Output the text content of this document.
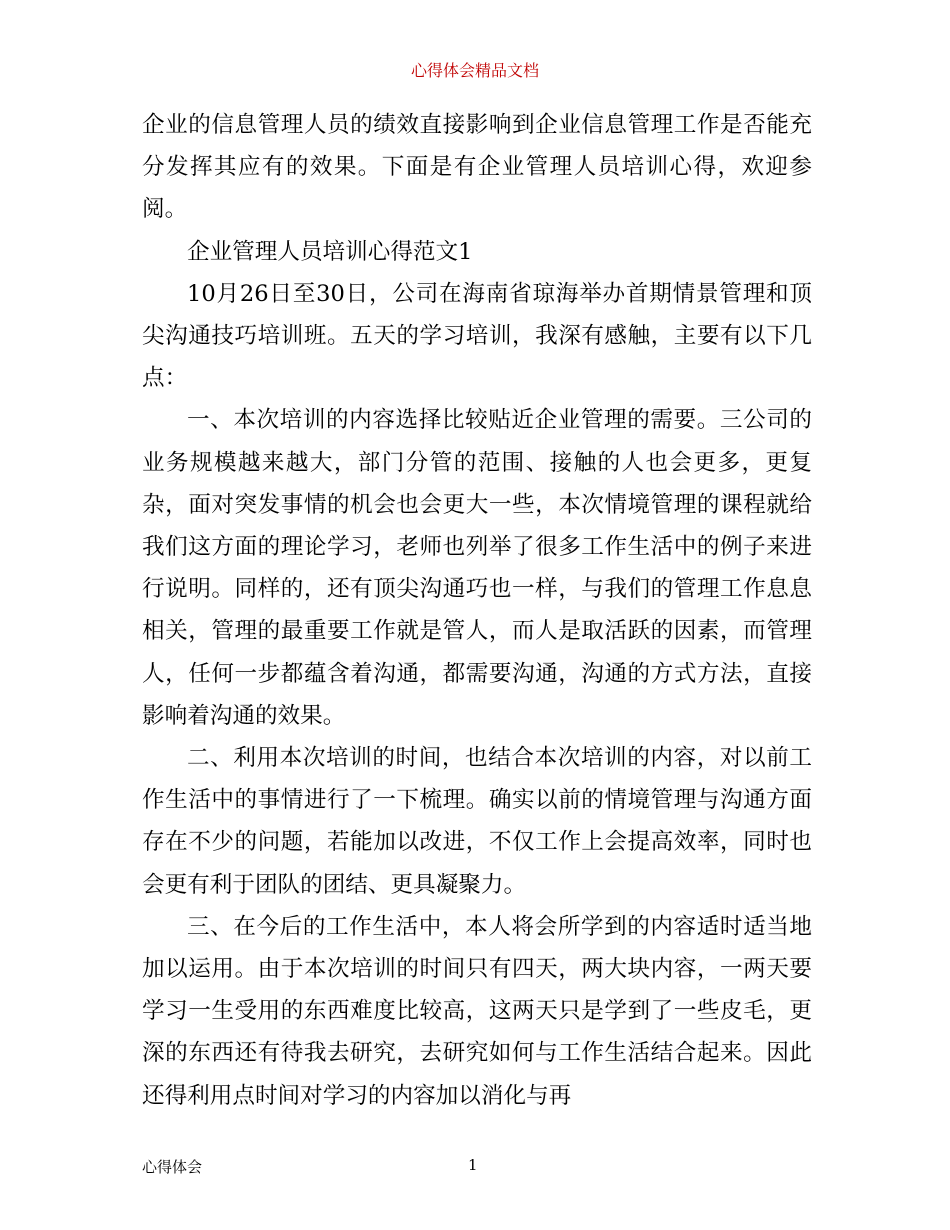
心得体会精品文档

企业的信息管理人员的绩效直接影响到企业信息管理工作是否能充分发挥其应有的效果。下面是有企业管理人员培训心得，欢迎参阅。

企业管理人员培训心得范文1

10月26日至30日，公司在海南省琼海举办首期情景管理和顶尖沟通技巧培训班。五天的学习培训，我深有感触，主要有以下几点：

一、本次培训的内容选择比较贴近企业管理的需要。三公司的业务规模越来越大，部门分管的范围、接触的人也会更多，更复杂，面对突发事情的机会也会更大一些，本次情境管理的课程就给我们这方面的理论学习，老师也列举了很多工作生活中的例子来进行说明。同样的，还有顶尖沟通巧也一样，与我们的管理工作息息相关，管理的最重要工作就是管人，而人是取活跃的因素，而管理人，任何一步都蕴含着沟通，都需要沟通，沟通的方式方法，直接影响着沟通的效果。

二、利用本次培训的时间，也结合本次培训的内容，对以前工作生活中的事情进行了一下梳理。确实以前的情境管理与沟通方面存在不少的问题，若能加以改进，不仅工作上会提高效率，同时也会更有利于团队的团结、更具凝聚力。

三、在今后的工作生活中，本人将会所学到的内容适时适当地加以运用。由于本次培训的时间只有四天，两大块内容，一两天要学习一生受用的东西难度比较高，这两天只是学到了一些皮毛，更深的东西还有待我去研究，去研究如何与工作生活结合起来。因此还得利用点时间对学习的内容加以消化与再

心得体会	1
